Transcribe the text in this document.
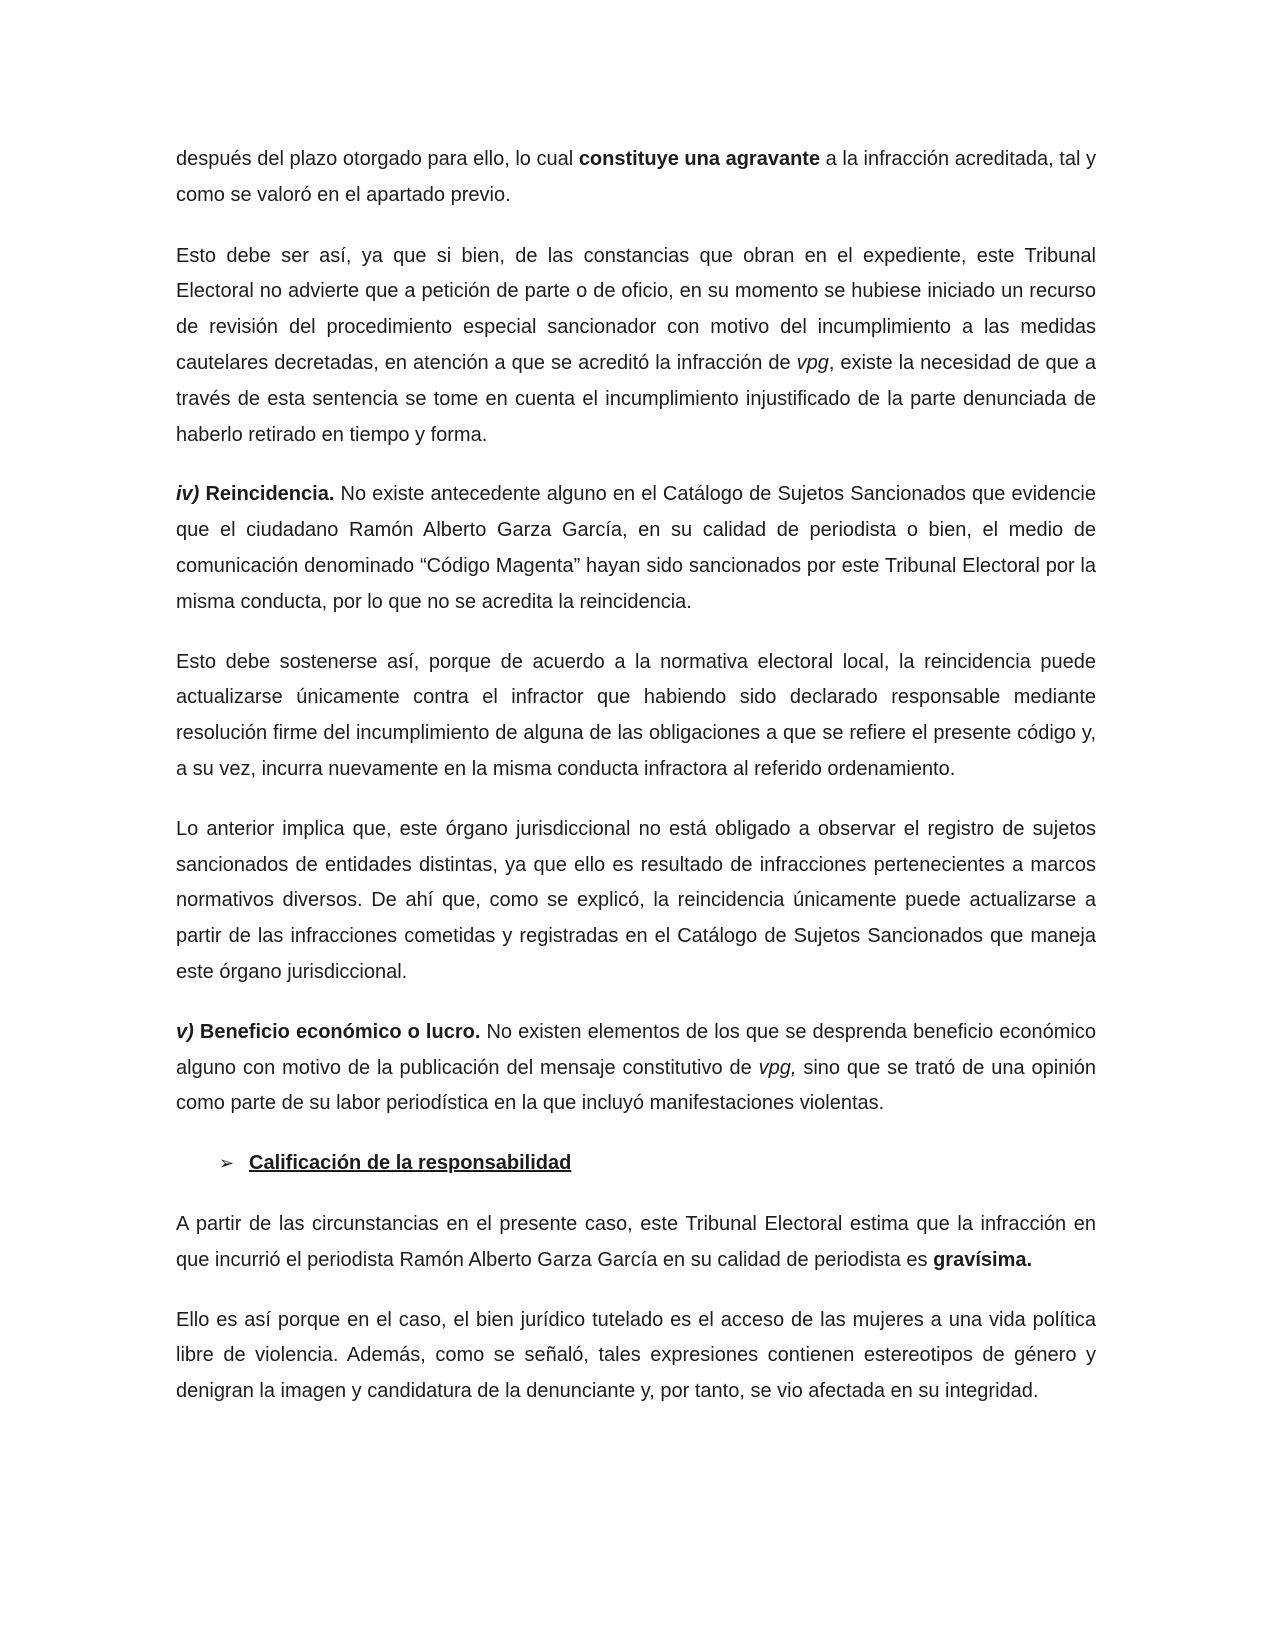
después del plazo otorgado para ello, lo cual constituye una agravante a la infracción acreditada, tal y como se valoró en el apartado previo.

Esto debe ser así, ya que si bien, de las constancias que obran en el expediente, este Tribunal Electoral no advierte que a petición de parte o de oficio, en su momento se hubiese iniciado un recurso de revisión del procedimiento especial sancionador con motivo del incumplimiento a las medidas cautelares decretadas, en atención a que se acreditó la infracción de vpg, existe la necesidad de que a través de esta sentencia se tome en cuenta el incumplimiento injustificado de la parte denunciada de haberlo retirado en tiempo y forma.

iv) Reincidencia. No existe antecedente alguno en el Catálogo de Sujetos Sancionados que evidencie que el ciudadano Ramón Alberto Garza García, en su calidad de periodista o bien, el medio de comunicación denominado “Código Magenta” hayan sido sancionados por este Tribunal Electoral por la misma conducta, por lo que no se acredita la reincidencia.

Esto debe sostenerse así, porque de acuerdo a la normativa electoral local, la reincidencia puede actualizarse únicamente contra el infractor que habiendo sido declarado responsable mediante resolución firme del incumplimiento de alguna de las obligaciones a que se refiere el presente código y, a su vez, incurra nuevamente en la misma conducta infractora al referido ordenamiento.

Lo anterior implica que, este órgano jurisdiccional no está obligado a observar el registro de sujetos sancionados de entidades distintas, ya que ello es resultado de infracciones pertenecientes a marcos normativos diversos. De ahí que, como se explicó, la reincidencia únicamente puede actualizarse a partir de las infracciones cometidas y registradas en el Catálogo de Sujetos Sancionados que maneja este órgano jurisdiccional.

v) Beneficio económico o lucro. No existen elementos de los que se desprenda beneficio económico alguno con motivo de la publicación del mensaje constitutivo de vpg, sino que se trató de una opinión como parte de su labor periodística en la que incluyó manifestaciones violentas.

➢ Calificación de la responsabilidad

A partir de las circunstancias en el presente caso, este Tribunal Electoral estima que la infracción en que incurrió el periodista Ramón Alberto Garza García en su calidad de periodista es gravísima.

Ello es así porque en el caso, el bien jurídico tutelado es el acceso de las mujeres a una vida política libre de violencia. Además, como se señaló, tales expresiones contienen estereotipos de género y denigran la imagen y candidatura de la denunciante y, por tanto, se vio afectada en su integridad.
